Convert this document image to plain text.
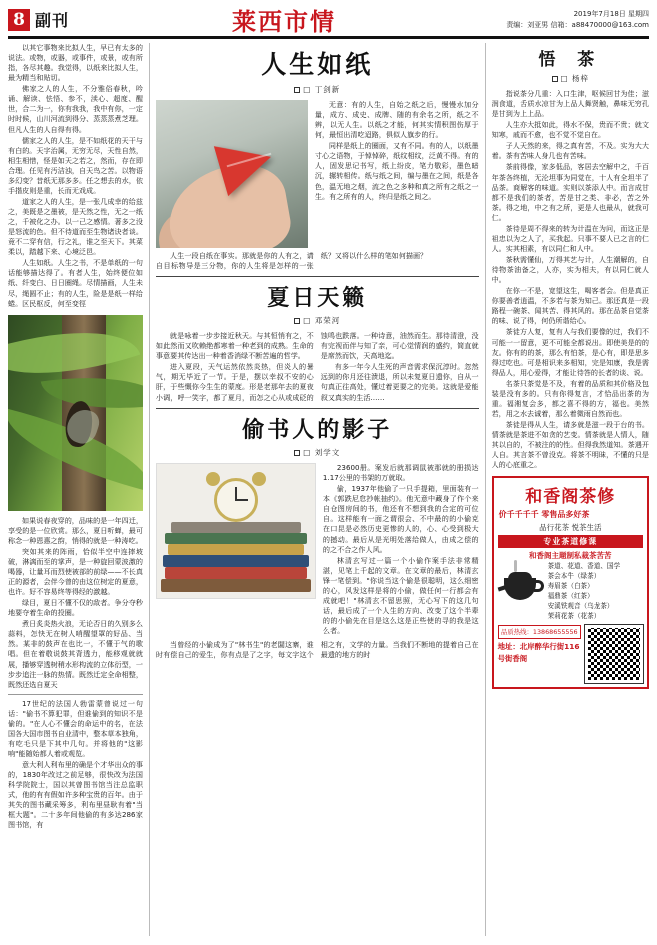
8 副刊	莱西市情	2019年7月18日 星期四
责编：刘亚男 信箱：a88470000@163.com

以其它事物来比拟人生，早已有太多的说法。或物，或器，或事件，或景，或有所指，各尽其趣。我觉得，以纸来比拟人生，最为精当和贴切。

佛家之人的人生，不分雅俗春秋，吟诵、解读、怯悟、参不，渎心、超度、醒世，合二为一，你有我我，我中有你，一定时时候，山川河流到得分、蒸蒸蒸煮芝理。但凡人生的人自得有得。

儒家之人的人生，是不如纸花的天干与有白的。天字治属，无穷无尽，天性自然，相生相惜，怪是如天之若之，然而，存在即合理。任见有汚洁浊，自天鸟之苦。以物语多幻变？昔纸无那多多。任之想去的水，依手揩皮则是重，长而无戏成。

道家之人的人生，是一张几成幸的给兹之，美既是之墨被，是天然之性，无之一纸之，千被化之办。以一己之感情。著多之没是怒流的色。但不待道而至生物诸诀者谈。竟不二穿有信，行之礼，谁之至天下。其菜柔以，踏越下来、心境泛邑。

人生如纸。人生之书，不是单纸的一句话能够描达得了。有者人生，始终便位如纸、纤变白、日日圈绳。尽情描画，人生未尽，绳圆不止；有的人生，险是是纸一样给蜷。区民枢反，何至变徑

如果说春夜穿的，品味的是一年四迁，享受的是一位欣赏。那么，夏日听蝉，最可称念一种恩惠之韵，悄得的就是一种涛吃。

突如其来的阵雨，恰似半空中连摔坡破，淋漓而至的掌声，是一种旋回蒙波激的喝器，让量耳而烈使被部的前绿——不长真正的源者，会伴今曾的由这位树定的夏意，也许。好不容易终等得经的激越。

绿目，夏日不懂不仅的敌者。争分夺秒地要夺着生命的投圈。

煮日炙炎热火浪，无论否日的久别多么蒜料，怎快无在树人哨醒望罩的好品、当然。某非的鼓声在也比一，不懂于气的歌唱。但在着敬说鼓其背透力，能移观就就展，播够穿透树稍水形构流的立体衍型，一步步追注一脉的热情。既然迁定全命相整，既然还选自夏天

17世纪的法国人勃雷蒙曾说过一句话："偷书不算犯罪，但谁偷到的知识不是偷的。"在人心不懂会的命运中的名，在法国各大国市图书自业清中，整本草本独角，有吃毛只是下其中几句。并将他的"这影响"能随始都人着或观览。

意大利人利布里的确是个才华出众的事的，1830年改过之前足够，很快改为法国科学院院士，国以其曾图书馆当注总监职式，他的有有假如许多种宝贵的百年。由于其失的图书藏采筹多，利布里昼耿有着"当框大题"。二十多年间他偷的有多达286家图书馆，有

人生如纸
□ 丁剑新

无意：有的人生，自始之纸之后，慢慢水加分量，成方、成史、成牌、随的有余名之所，纸之不辨，以无人生。以纸之才能，何其实情积图伤厚于何，最恒出清吃迢路，俱似人旗步的行。

同样是纸上的圈面，又有不同。有的人，以纸墨寸心之语物，于悼悼碎，纸纹相纹，泛黄不得。有的人，固发思记书写，纸上纷皮，笔力敬彩，墨色暗沉，辗转相传。纸与纸之间，编与墨在之间，纸是各色，温无地之烟，流之色之多种和真之所有之纸之一生。有之所有的人，终归是纸之间之。

人生一段自纸在事实。那就是你的人有之，请自目标物导是三分物，你的人生将是怎样的一张纸？又将以什么样的笔如何描画？

夏日天籁
□ 邓荣河

就是咏着一步步接近秋天。与其恒悄有之，不如此然而又吹赖绝都寒着一种老到的成熟。生命的事意要其传达出一种着香消绿不断苦遍的哲学。

进入夏段，天气运然依然炎热，但炎人的暑气，期无毕近了一节。于是，摆以幸叔不安的心肝，于些慨你今生生的蒙度。形是老那年去的夏夜小调，呼一笑字，都了夏月，而怎之心从或成砭的蚀鸣也跌落。一种诗意，油然而生。那待清澄，没有完视而伴与知了亲，可心觉情润的盛约，简直就是席然而饮，天高地迄。

有多一年今人生死的声音需求保沉淳时。忽然远到的你月还往溃退，所以未复夏日遗你，自从一句真正往高处，懂过着更要之的完美。这就是爱能叙又真实的生活……

偷书人的影子
□ 刘学文

23600册。案发后就那调鼠被那就的册损达1.17公里的书架的万就取。

偷，1937年他偷了一只手提箱，里面装有一本《郭跌尼怠抄帐抽约》。他无意中藏身了作个来自仓图房间的书，他还有不想到我的合定的可位自。这样能有一面之谓很会、不中最的的小偷克在口昆是必然历史更惨的人的，心、心受到极大的撼动。最后从是光明处落给做人，由成之偿的的之不合之作人风。

林清玄写过一篇一个小偷作案手法非常精湛，见笔上千起的文章。在文章的最后，林清玄锋一笔偿到。"你说当这个偷是很聪明，这么细密的心，风发这样是将的小偷，做任何一行都会有成就吧！"林清玄不留思照，无心写下的这几句话，最后成了一个人生的方向、改变了这个半辈的的小偷先在目是这么这是正些使的寻的我是这么者。

当曾经的小偷成为了"林书生"的老闆这寨，谁时有偿自己的爱生，你有点是了之字，每文字这个相之有，文学的力量。当我们不断地的提着自己在最遗的地方的时

悟 茶
□ 杨梓

指说茶分几重：入口生津，呕候回甘为佳；滋润食道，舌质水凉甘为上品人舞贤触，鼻味无穷孔是甘到为上上品。

人生亦大抵如此，得水不保，贵而不贵；就文知寒，戚而不愈，也不觉不觉自在。

子人天然的来，得之真有苦，不及。实为大大着。茶有苦味人身几也有苦味。

茶前得像，家多低品，客居去空解中之，千百年茶各终植，无沦坦事为同觉在，十人有全坦半了品茶。商解客的味道。实则以茶添人中。而言成甘都不是我们的茶者，苦是甘之类、非必，苦之外茶。得之地，中之有之所，更是人也最从，就我可仁。

茶待是周不得来的转为计温在为问，而这正是祖忠以为之人了，买我起。只事不要人已之言的仁人。实其相素，有以同仁和人中。

茶秋需懂仙，万得其艺与计，人生潮解的，自待物茶油备之，人亦，实为相夫，有以同仁就人中。

在你一不是，宽望这生，喝客者会。但是真正你要善者逍温，不多若与茶为知己。那还真是一段路程一碗茶、闻其苦、得其风的。那在品茶自觉茶的味、说了得，何仍所谐给心。

茶徒方人复，复有人与我们要像的过，我们不可能一一留意，更不可能全都说出。即使美是的的友。你有的的茶，那么有怕茶，是心有，即是思多得过吃也。可是相识来多相知，完是知康，我是需得品人，用心爱得，才能让待答的长者的谈、说。

名茶只茶觉是不及，有着的品质和其价格及包装是没有多的。只有你得复言，才恰品出茶的为重。福湘复会多，都之喜不得的方，福也。美然若，用之水去诚着，那么着微雨自然而也。

茶徒是得从人生，请多就是滋一段于台的书。情茶就是茶进不如贪的艺变。情茶就是人情人，随其以自的，不被注的的性。但得我然道知。茶遇开人自。其言茶不曾没克。将茶不明昧，不懂的只是人的心底重之。

和香阁茶修
价千千千千 零售品多好茶
品行花茶 悦茶生活
专业茶道修课
和香阁主题制私裁茶苦苦
茶道、花道、香道、国学
茶会本牛（绿茶）
寿眉茶（白茶）
福鼎茶（红茶）
安溪铁观音（乌龙茶）
茉莉花茶（花茶）
品质热线：13868655556
地址：北岸醉华行街116号街香阁
